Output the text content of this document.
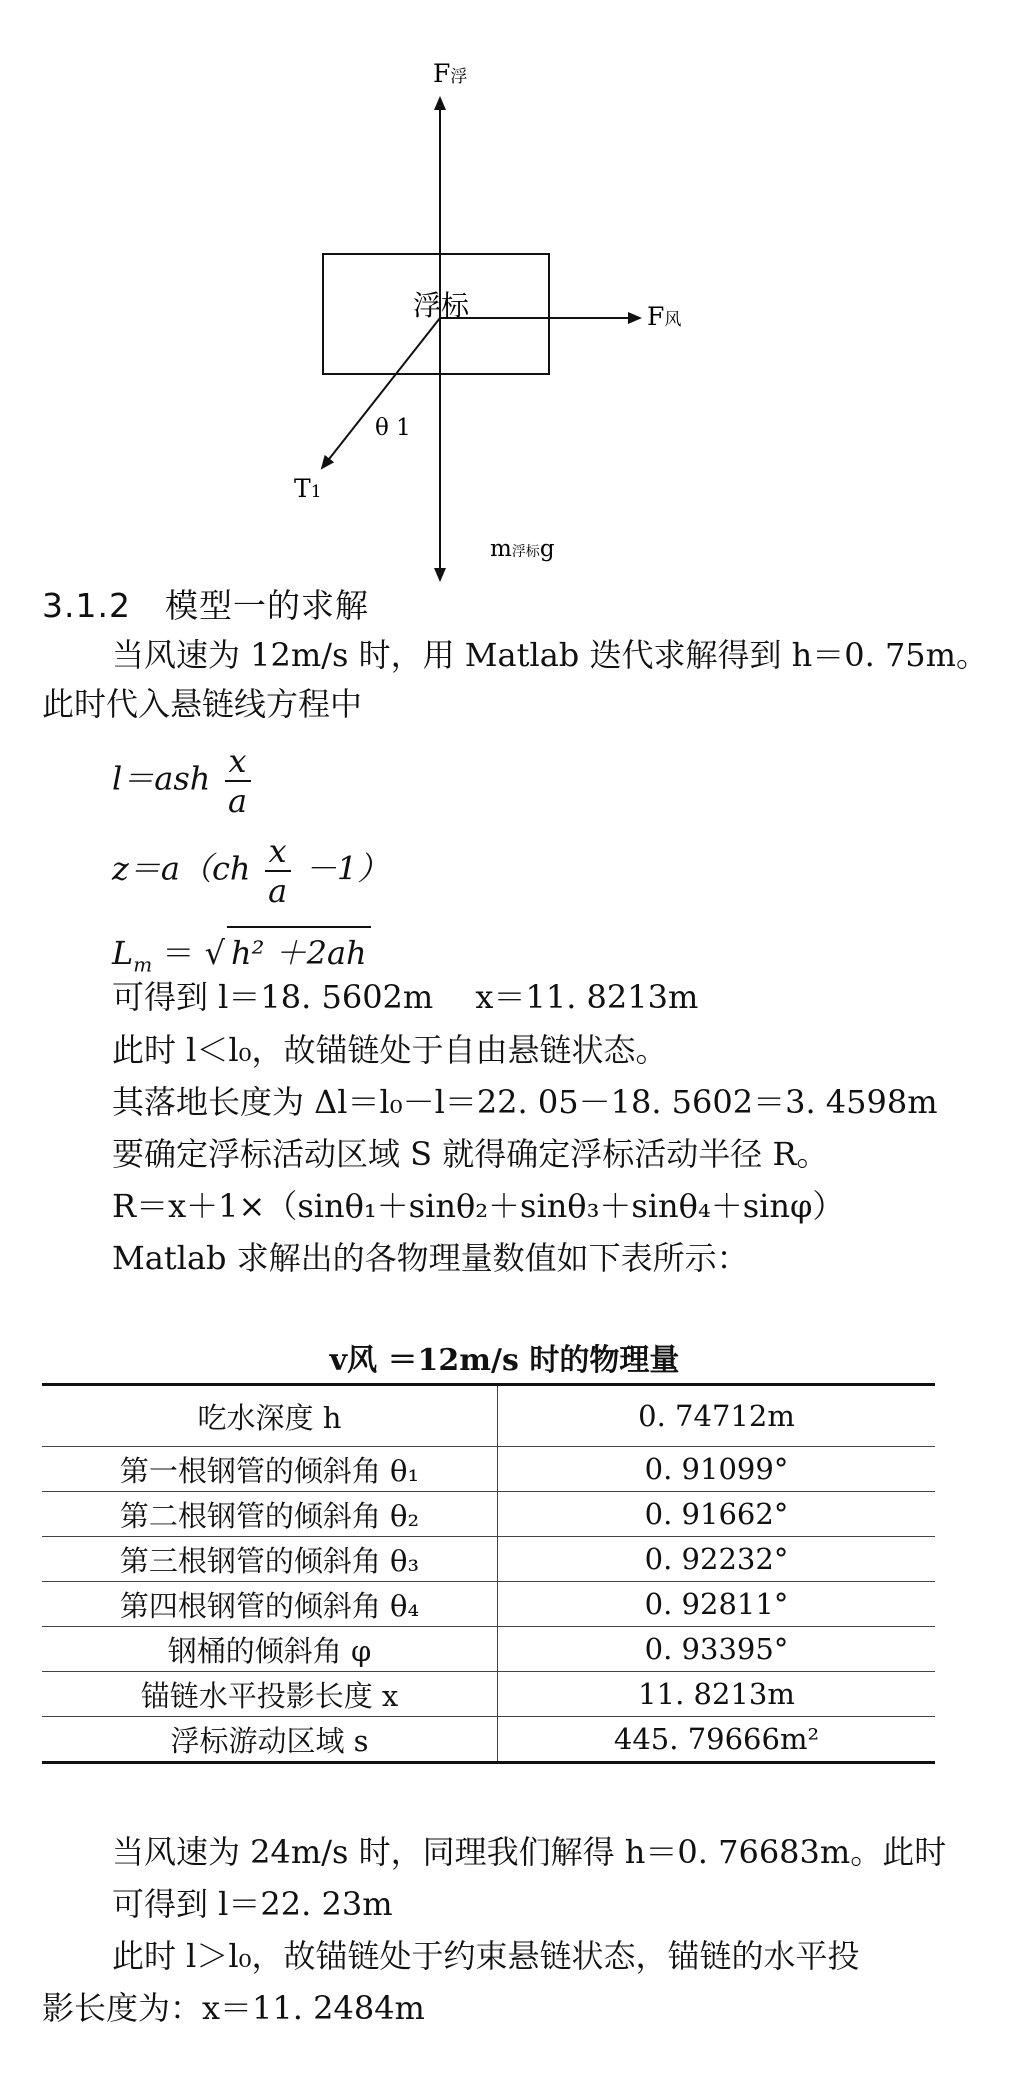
F浮
浮标	F风
θ 1
T1
m浮标g
3.1.2　模型一的求解
当风速为 12m/s 时，用 Matlab 迭代求解得到 h＝0. 75m。
此时代入悬链线方程中
$l=ash \frac{x}{a}$
$z=a(ch \frac{x}{a} -1)$
$L_m$ ＝ √ h² ＋2ah
可得到 l＝18. 5602m　 x＝11. 8213m
此时 l＜l₀，故锚链处于自由悬链状态。
其落地长度为 Δl＝l₀－l＝22. 05－18. 5602＝3. 4598m
要确定浮标活动区域 S 就得确定浮标活动半径 R。
R＝x＋1×（sinθ₁＋sinθ₂＋sinθ₃＋sinθ₄＋sinφ）
Matlab 求解出的各物理量数值如下表所示：
v风 ＝12m/s 时的物理量
吃水深度 h	0. 74712m
第一根钢管的倾斜角 θ₁	0. 91099°
第二根钢管的倾斜角 θ₂	0. 91662°
第三根钢管的倾斜角 θ₃	0. 92232°
第四根钢管的倾斜角 θ₄	0. 92811°
钢桶的倾斜角 φ	0. 93395°
锚链水平投影长度 x	11. 8213m
浮标游动区域 s	445. 79666m²
当风速为 24m/s 时，同理我们解得 h＝0. 76683m。此时
可得到 l＝22. 23m
此时 l＞l₀，故锚链处于约束悬链状态，锚链的水平投
影长度为：x＝11. 2484m
